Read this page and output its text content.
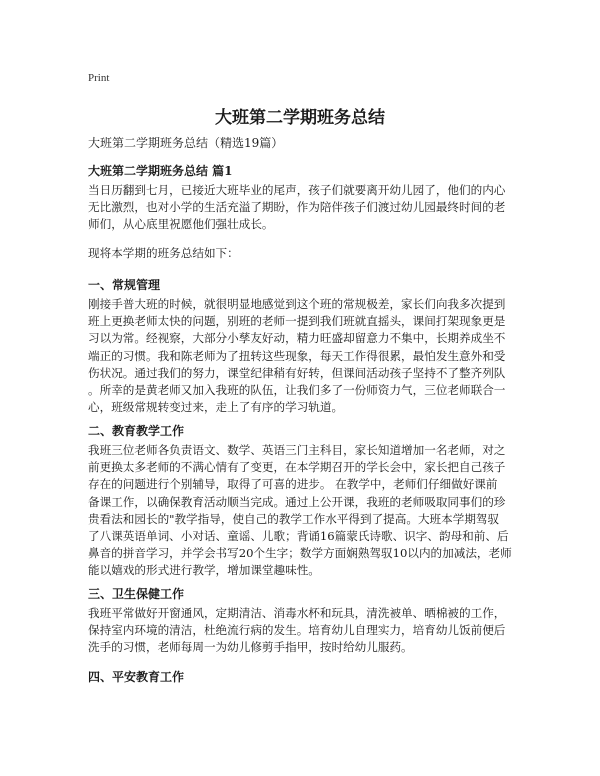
Print
大班第二学期班务总结
大班第二学期班务总结（精选19篇）
大班第二学期班务总结 篇1
当日历翻到七月，已接近大班毕业的尾声，孩子们就要离开幼儿园了，他们的内心
无比激烈，也对小学的生活充溢了期盼，作为陪伴孩子们渡过幼儿园最终时间的老
师们，从心底里祝愿他们强壮成长。
现将本学期的班务总结如下：
一、常规管理
刚接手普大班的时候，就很明显地感觉到这个班的常规极差，家长们向我多次提到
班上更换老师太快的问题，别班的老师一提到我们班就直摇头，课间打架现象更是
习以为常。经视察，大部分小孳友好动，精力旺盛却留意力不集中，长期养成坐不
端正的习惯。我和陈老师为了扭转这些现象，每天工作得很累，最怕发生意外和受
伤状况。通过我们的努力，课堂纪律稍有好转，但课间活动孩子坚持不了整齐列队
。所幸的是黄老师又加入我班的队伍，让我们多了一份师资力气，三位老师联合一
心，班级常规转变过来，走上了有序的学习轨道。
二、教育教学工作
我班三位老师各负责语文、数学、英语三门主科目，家长知道增加一名老师，对之
前更换太多老师的不满心情有了变更，在本学期召开的学长会中，家长把自己孩子
存在的问题进行个别辅导，取得了可喜的进步。 在教学中，老师们仔细做好课前
备课工作，以确保教育活动顺当完成。通过上公开课，我班的老师吸取同事们的珍
贵看法和园长的"教学指导，使自己的教学工作水平得到了提高。大班本学期驾驭
了八课英语单词、小对话、童谣、儿歌；背诵16篇蒙氏诗歌、识字、韵母和前、后
鼻音的拼音学习，并学会书写20个生字；数学方面娴熟驾驭10以内的加减法，老师
能以嬉戏的形式进行教学，增加课堂趣味性。
三、卫生保健工作
我班平常做好开窗通风，定期清洁、消毒水杯和玩具，清洗被单、晒棉被的工作，
保持室内环境的清洁，杜绝流行病的发生。培育幼儿自理实力，培育幼儿饭前便后
洗手的习惯，老师每周一为幼儿修剪手指甲，按时给幼儿服药。
四、平安教育工作
